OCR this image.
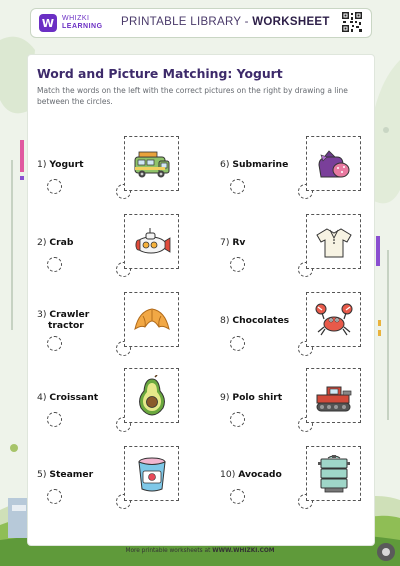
W	WHIZKI
LEARNING PRINTABLE LIBRARY - WORKSHEET
Word and Picture Matching: Yogurt
Match the words on the left with the correct pictures on the right by drawing a line between the circles.
1) Yogurt	6) Submarine
2) Crab	7) Rv
3) Crawler
tractor	8) Chocolates
4) Croissant	9) Polo shirt
5) Steamer	10) Avocado
More printable worksheets at WWW.WHIZKI.COM
